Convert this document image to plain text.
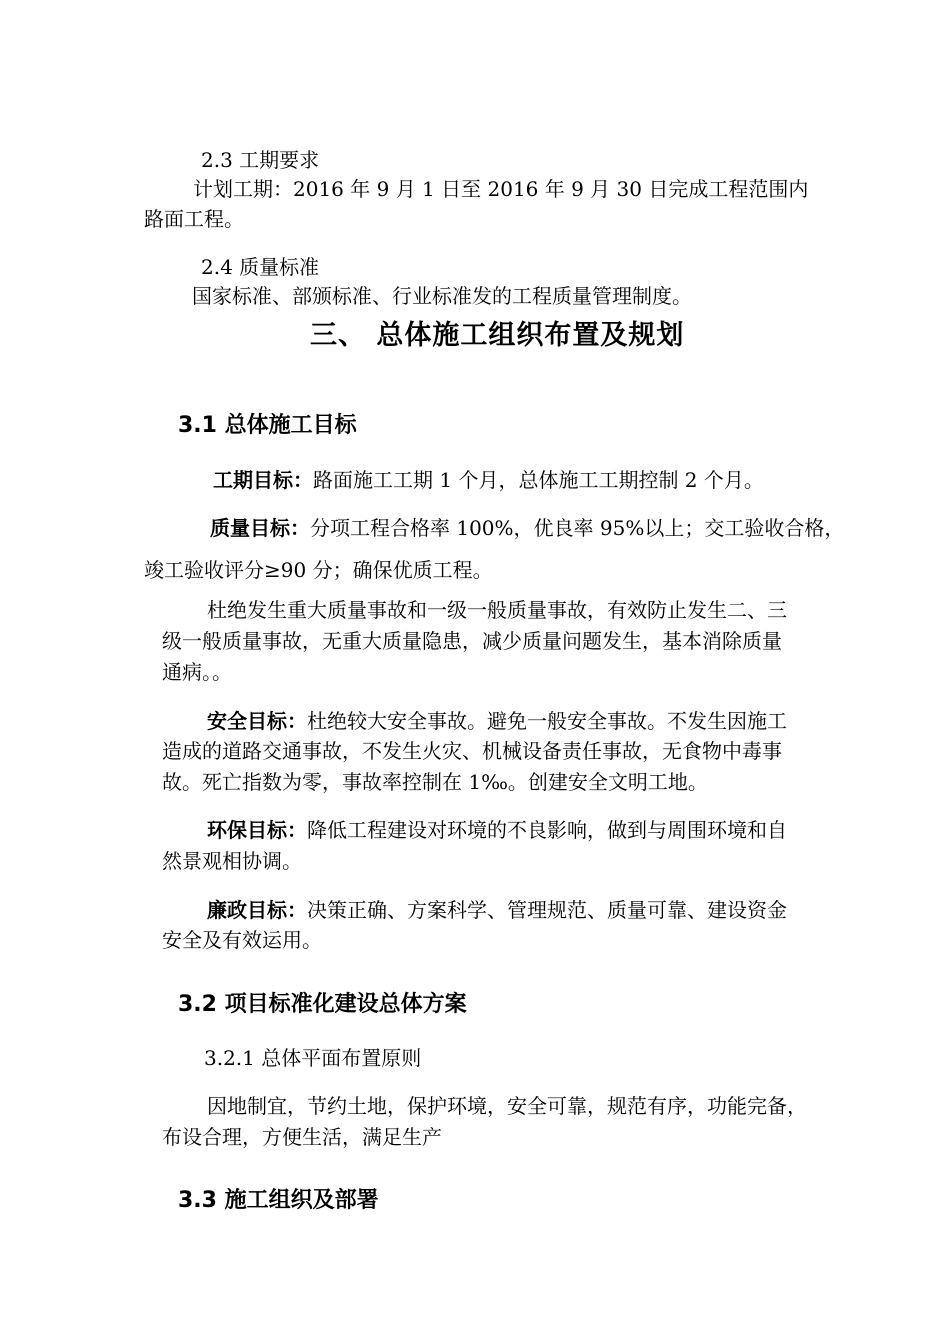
2.3 工期要求
计划工期：2016 年 9 月 1 日至 2016 年 9 月 30 日完成工程范围内
路面工程。
2.4 质量标准
国家标准、部颁标准、行业标准发的工程质量管理制度。
三、 总体施工组织布置及规划
3.1 总体施工目标
工期目标：路面施工工期 1 个月，总体施工工期控制 2 个月。
质量目标：分项工程合格率 100%，优良率 95%以上；交工验收合格，
竣工验收评分≥90 分；确保优质工程。
杜绝发生重大质量事故和一级一般质量事故，有效防止发生二、三
级一般质量事故，无重大质量隐患，减少质量问题发生，基本消除质量
通病。。
安全目标：杜绝较大安全事故。避免一般安全事故。不发生因施工
造成的道路交通事故，不发生火灾、机械设备责任事故，无食物中毒事
故。死亡指数为零，事故率控制在 1‰。创建安全文明工地。
环保目标：降低工程建设对环境的不良影响，做到与周围环境和自
然景观相协调。
廉政目标：决策正确、方案科学、管理规范、质量可靠、建设资金
安全及有效运用。
3.2 项目标准化建设总体方案
3.2.1 总体平面布置原则
因地制宜，节约土地，保护环境，安全可靠，规范有序，功能完备，
布设合理，方便生活，满足生产
3.3 施工组织及部署
